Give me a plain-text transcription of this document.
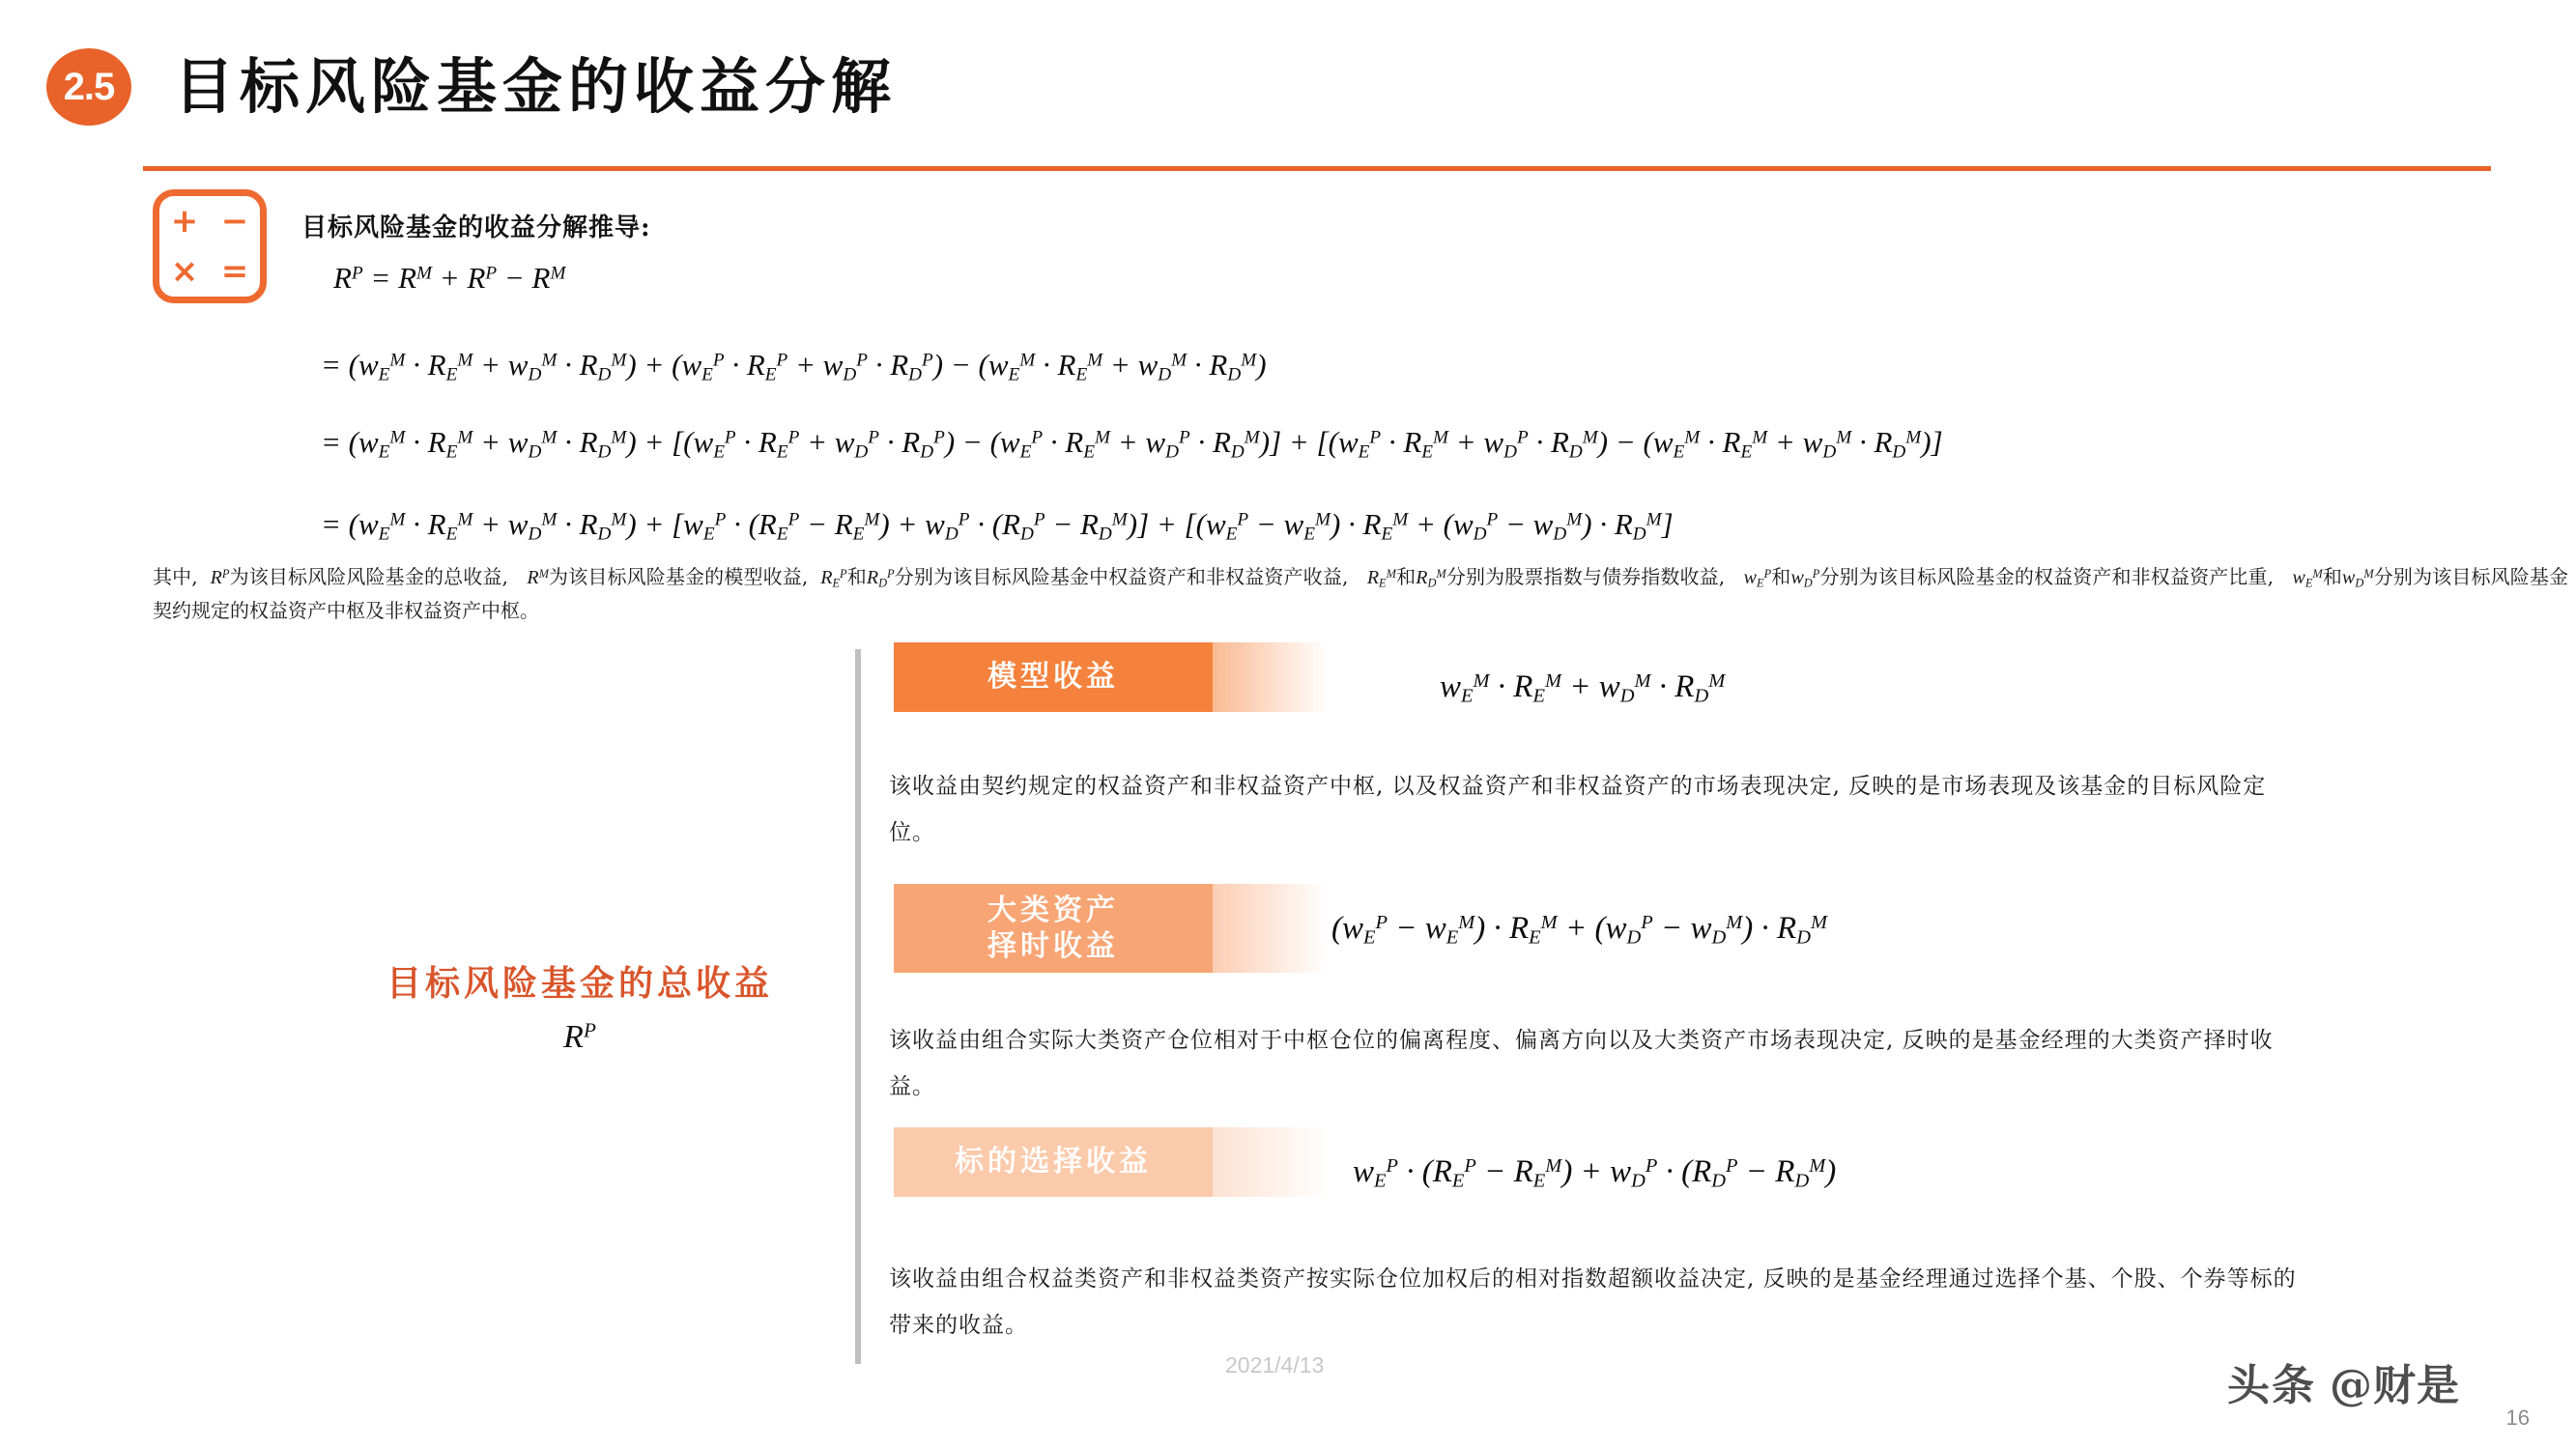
2.5 目标风险基金的收益分解
+ −
× =
目标风险基金的收益分解推导:
$R^P = R^M + R^P - R^M$
= $(w_E^M \cdot R_E^M + w_D^M \cdot R_D^M) + (w_E^P \cdot R_E^P + w_D^P \cdot R_D^P) - (w_E^M \cdot R_E^M + w_D^M \cdot R_D^M)$
= $(w_E^M \cdot R_E^M + w_D^M \cdot R_D^M) + [(w_E^P \cdot R_E^P + w_D^P \cdot R_D^P) - (w_E^P \cdot R_E^M + w_D^P \cdot R_D^M)] + [(w_E^P \cdot R_E^M + w_D^P \cdot R_D^M) - (w_E^M \cdot R_E^M + w_D^M \cdot R_D^M)]$
= $(w_E^M \cdot R_E^M + w_D^M \cdot R_D^M) + [w_E^P \cdot (R_E^P - R_E^M) + w_D^P \cdot (R_D^P - R_D^M)] + [(w_E^P - w_E^M) \cdot R_E^M + (w_D^P - w_D^M) \cdot R_D^M]$
其中,  $R^P$为该目标风险风险基金的总收益,   $R^M$为该目标风险基金的模型收益,  $R_E^P$和$R_D^P$分别为该目标风险基金中权益资产和非权益资产收益,   $R_E^M$和$R_D^M$分别为股票指数与债券指数收益,   $w_E^P$和$w_D^P$分别为该目标风险基金的权益资产和非权益资产比重,   $w_E^M$和$w_D^M$分别为该目标风险基金契约规定的权益资产中枢及非权益资产中枢。
目标风险基金的总收益
$R^P$
模型收益	$w_E^M \cdot R_E^M + w_D^M \cdot R_D^M$
该收益由契约规定的权益资产和非权益资产中枢, 以及权益资产和非权益资产的市场表现决定, 反映的是市场表现及该基金的目标风险定位。
大类资产
择时收益
$(w_E^P - w_E^M) \cdot R_E^M + (w_D^P - w_D^M) \cdot R_D^M$
该收益由组合实际大类资产仓位相对于中枢仓位的偏离程度、偏离方向以及大类资产市场表现决定, 反映的是基金经理的大类资产择时收益。
标的选择收益	$w_E^P \cdot (R_E^P - R_E^M) + w_D^P \cdot (R_D^P - R_D^M)$
该收益由组合权益类资产和非权益类资产按实际仓位加权后的相对指数超额收益决定, 反映的是基金经理通过选择个基、个股、个券等标的带来的收益。
2021/4/13	头条 @财是
16
